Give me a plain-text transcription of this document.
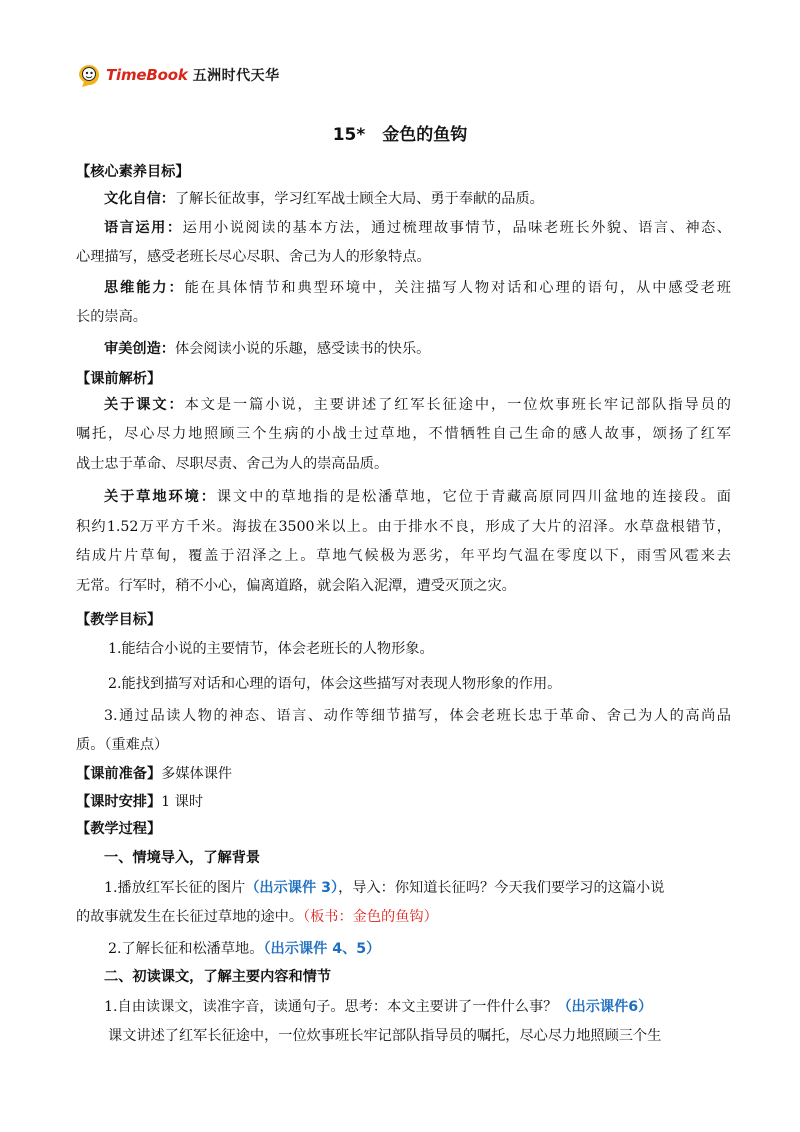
TimeBook 五洲时代天华
15*　金色的鱼钩
【核心素养目标】
文化自信：了解长征故事，学习红军战士顾全大局、勇于奉献的品质。
语言运用：运用小说阅读的基本方法，通过梳理故事情节，品味老班长外貌、语言、神态、
心理描写，感受老班长尽心尽职、舍己为人的形象特点。
思维能力：能在具体情节和典型环境中，关注描写人物对话和心理的语句，从中感受老班
长的崇高。
审美创造：体会阅读小说的乐趣，感受读书的快乐。
【课前解析】
关于课文：本文是一篇小说，主要讲述了红军长征途中，一位炊事班长牢记部队指导员的
嘱托，尽心尽力地照顾三个生病的小战士过草地，不惜牺牲自己生命的感人故事，颂扬了红军
战士忠于革命、尽职尽责、舍己为人的崇高品质。
关于草地环境：课文中的草地指的是松潘草地，它位于青藏高原同四川盆地的连接段。面
积约1.52万平方千米。海拔在3500米以上。由于排水不良，形成了大片的沼泽。水草盘根错节，
结成片片草甸，覆盖于沼泽之上。草地气候极为恶劣，年平均气温在零度以下，雨雪风雹来去
无常。行军时，稍不小心，偏离道路，就会陷入泥潭，遭受灭顶之灾。
【教学目标】
1.能结合小说的主要情节，体会老班长的人物形象。
2.能找到描写对话和心理的语句，体会这些描写对表现人物形象的作用。
3.通过品读人物的神态、语言、动作等细节描写，体会老班长忠于革命、舍己为人的高尚品
质。（重难点）
【课前准备】多媒体课件
【课时安排】1 课时
【教学过程】
一、情境导入，了解背景
1.播放红军长征的图片（出示课件 3），导入：你知道长征吗？今天我们要学习的这篇小说
的故事就发生在长征过草地的途中。（板书：金色的鱼钩）
2.了解长征和松潘草地。（出示课件 4、5）
二、初读课文，了解主要内容和情节
1.自由读课文，读准字音，读通句子。思考：本文主要讲了一件什么事？（出示课件6）
课文讲述了红军长征途中，一位炊事班长牢记部队指导员的嘱托，尽心尽力地照顾三个生
